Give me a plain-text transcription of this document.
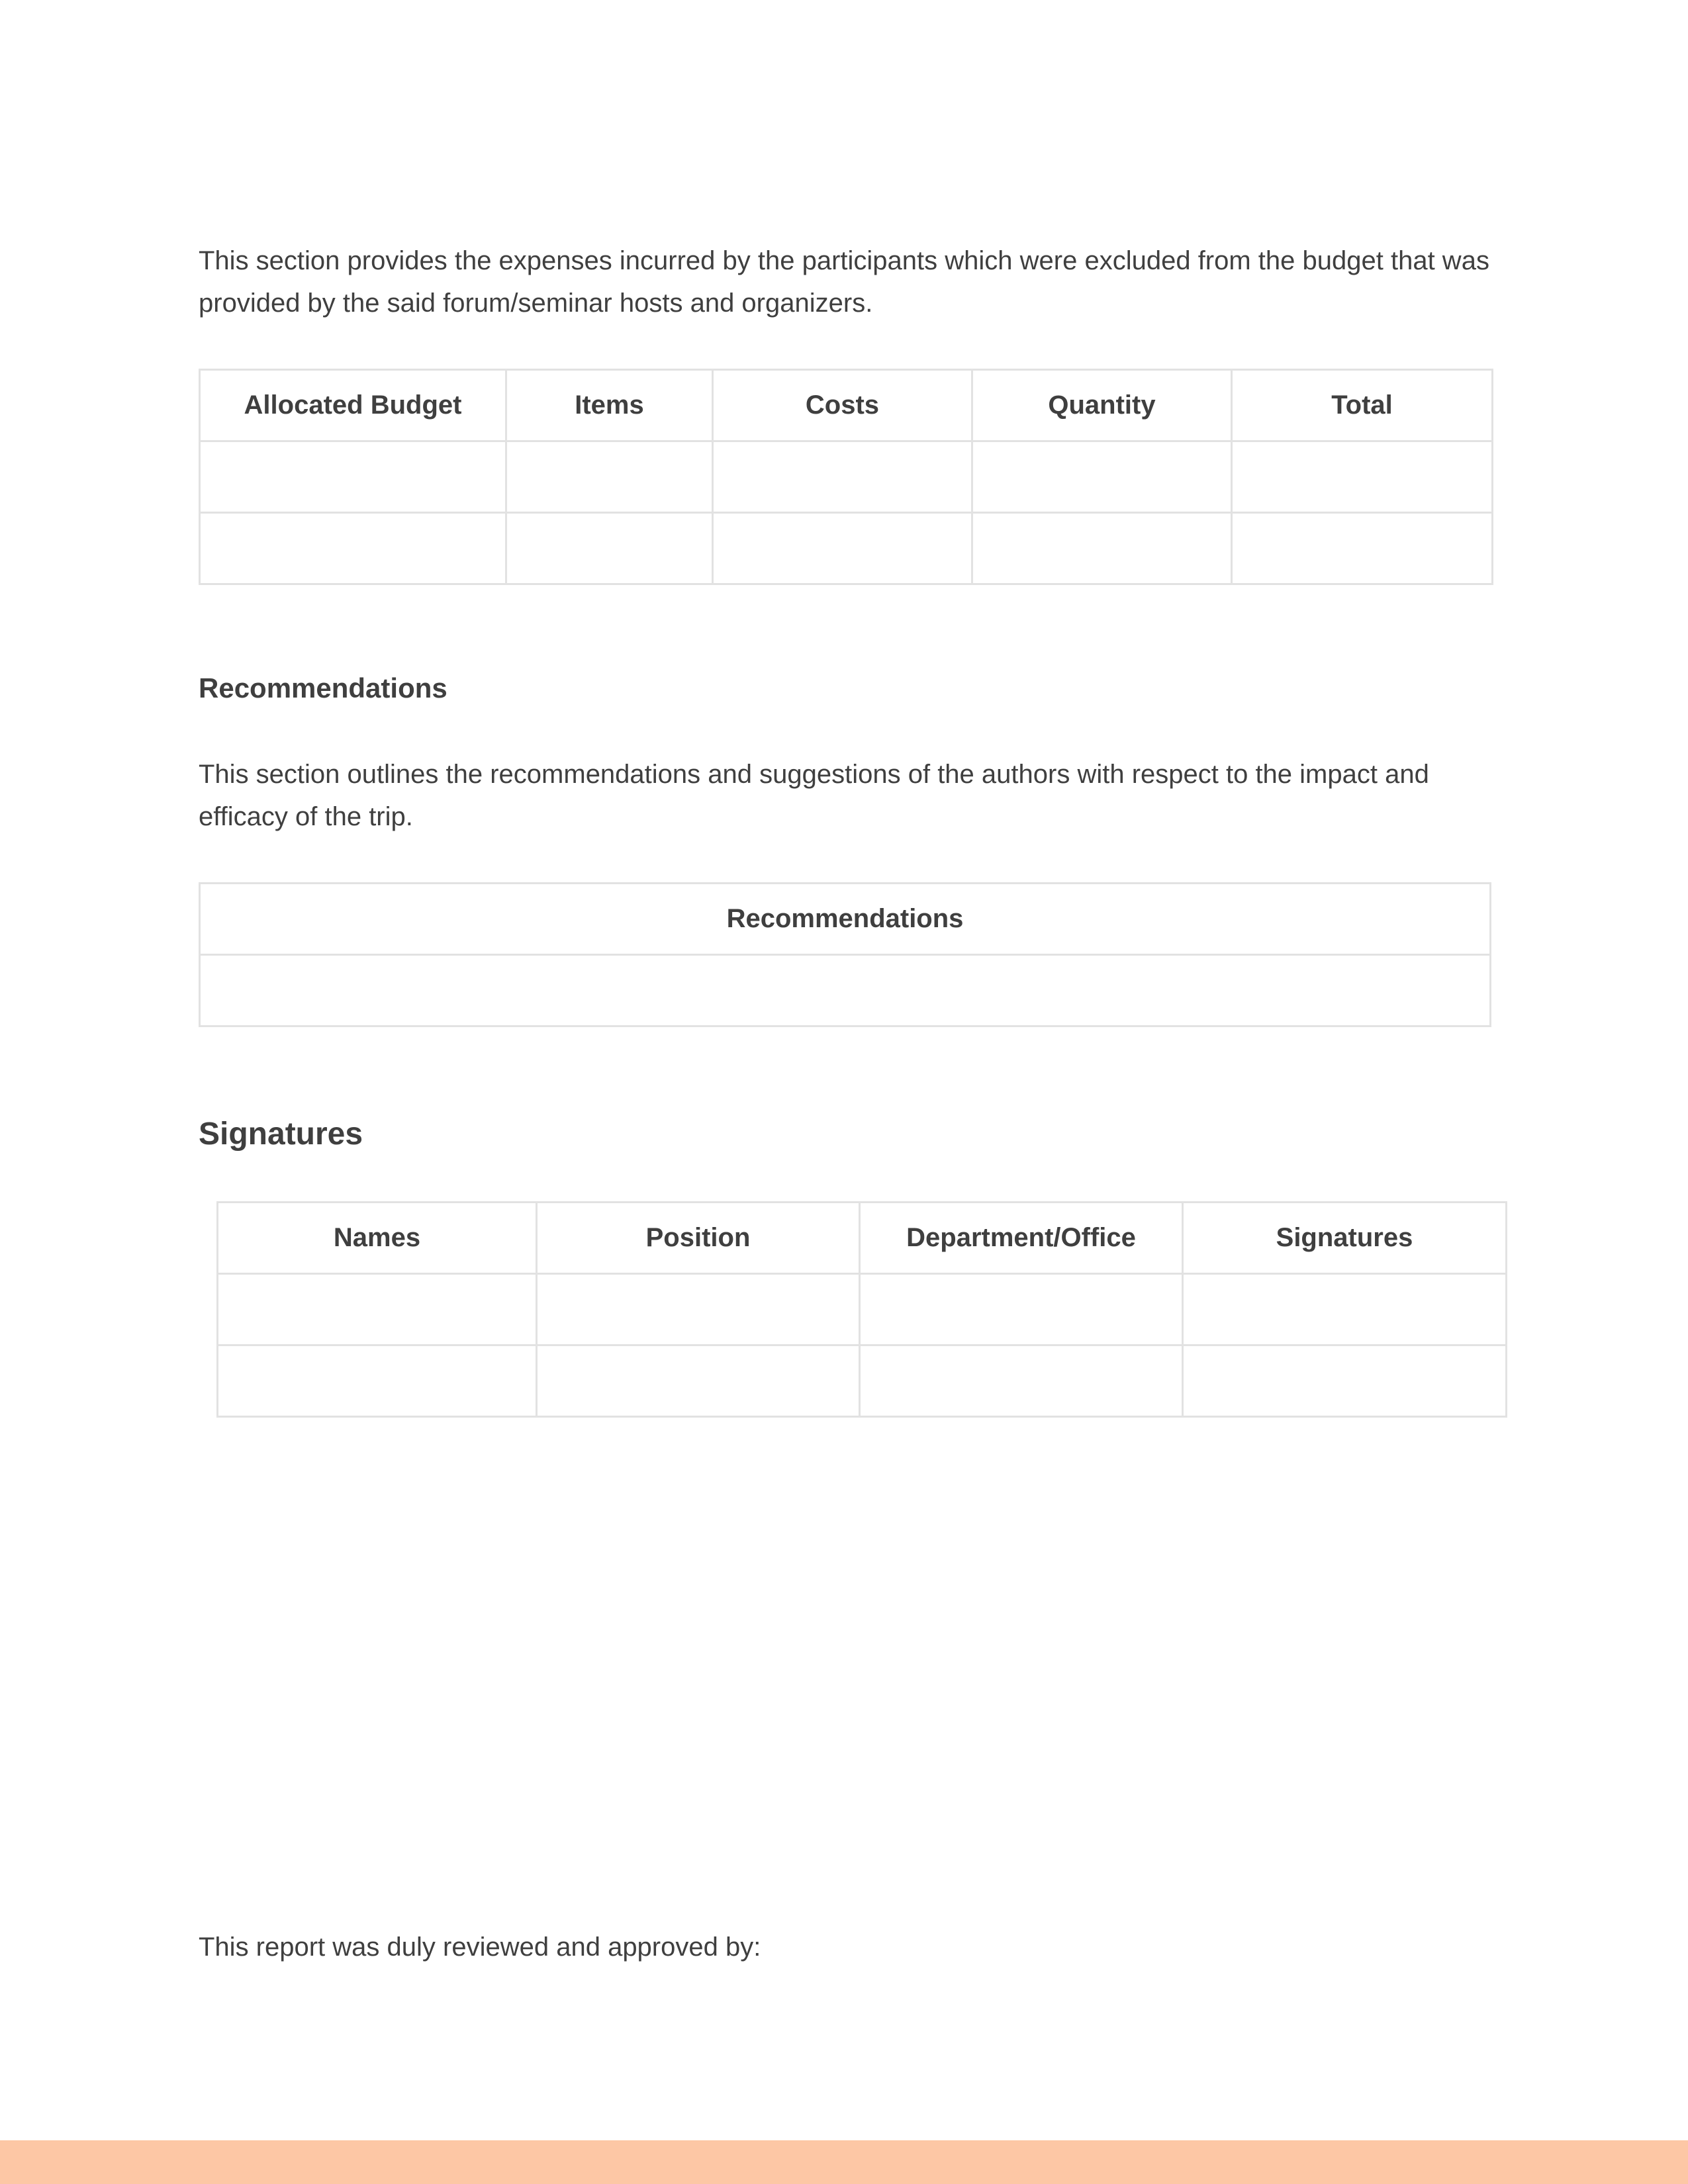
This section provides the expenses incurred by the participants which were excluded from the budget that was provided by the said forum/seminar hosts and organizers.

Allocated Budget	Items	Costs	Quantity	Total

Recommendations

This section outlines the recommendations and suggestions of the authors with respect to the impact and efficacy of the trip.

Recommendations

Signatures
Names	Position	Department/Office	Signatures

This report was duly reviewed and approved by:
